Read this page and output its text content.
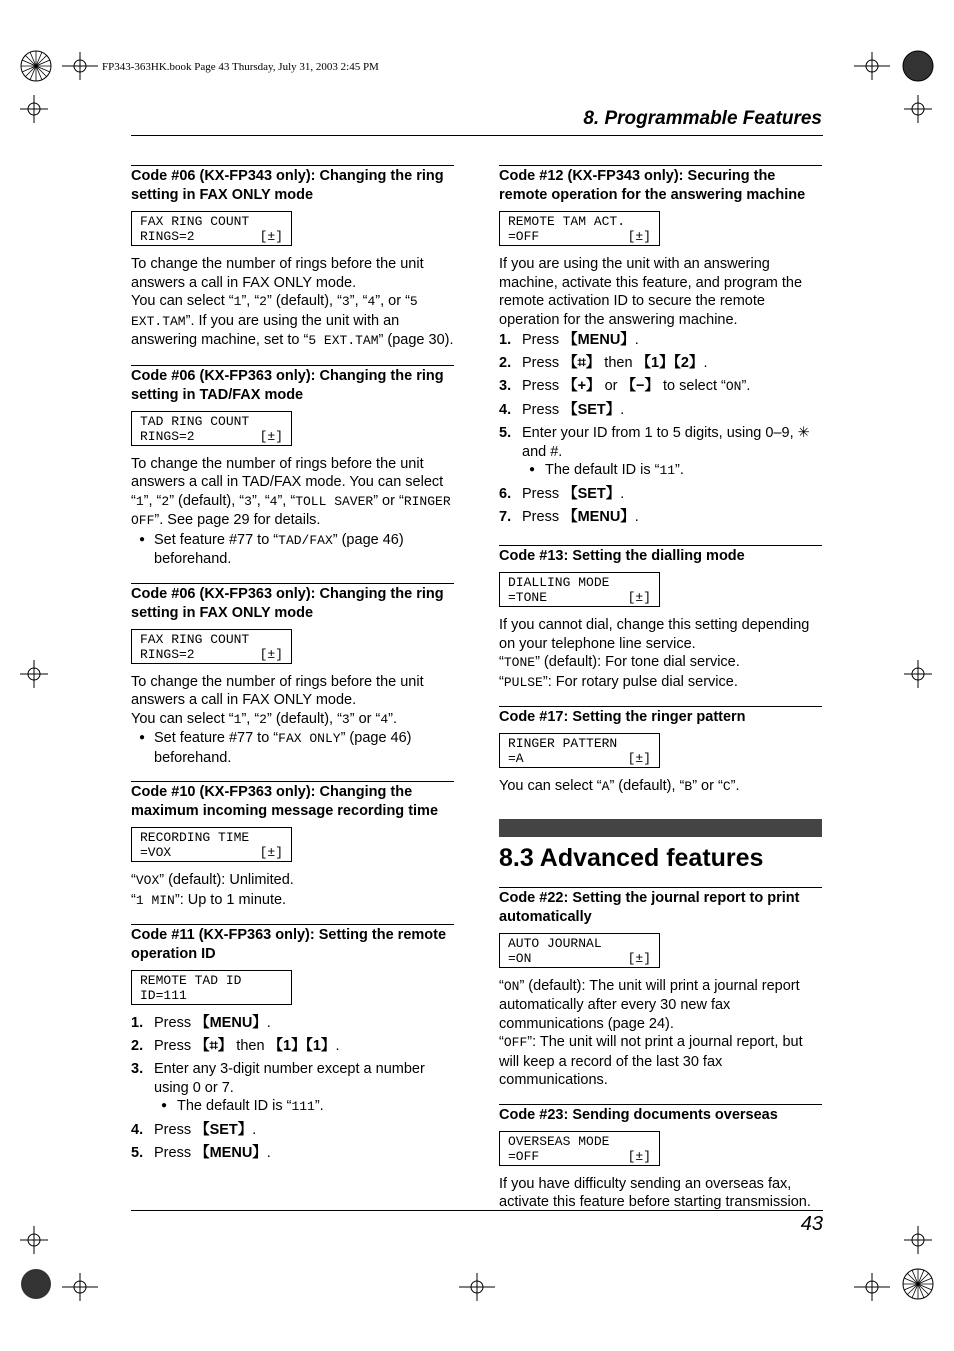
FP343-363HK.book Page 43 Thursday, July 31, 2003 2:45 PM
8. Programmable Features
Code #06 (KX-FP343 only): Changing the ring setting in FAX ONLY mode
FAX RING COUNT
RINGS=2	[±]

To change the number of rings before the unit answers a call in FAX ONLY mode.

You can select “1”, “2” (default), “3”, “4”, or “5 EXT.TAM”. If you are using the unit with an answering machine, set to “5 EXT.TAM” (page 30).

Code #06 (KX-FP363 only): Changing the ring setting in TAD/FAX mode
TAD RING COUNT
RINGS=2	[±]

To change the number of rings before the unit answers a call in TAD/FAX mode. You can select “1”, “2” (default), “3”, “4”, “TOLL SAVER” or “RINGER OFF”. See page 29 for details.

● Set feature #77 to “TAD/FAX” (page 46) beforehand.
Code #06 (KX-FP363 only): Changing the ring setting in FAX ONLY mode
FAX RING COUNT
RINGS=2	[±]

To change the number of rings before the unit answers a call in FAX ONLY mode.

You can select “1”, “2” (default), “3” or “4”.

● Set feature #77 to “FAX ONLY” (page 46) beforehand.
Code #10 (KX-FP363 only): Changing the maximum incoming message recording time
RECORDING TIME
=VOX	[±]

“VOX” (default): Unlimited.

“1 MIN”: Up to 1 minute.

Code #11 (KX-FP363 only): Setting the remote operation ID
REMOTE TAD ID
ID=111
1. Press 【MENU】.
2. Press 【⌗】 then 【1】【1】.
3. Enter any 3-digit number except a number using 0 or 7.
● The default ID is “111”.
4. Press 【SET】.
5. Press 【MENU】.
Code #12 (KX-FP343 only): Securing the remote operation for the answering machine
REMOTE TAM ACT.
=OFF	[±]

If you are using the unit with an answering machine, activate this feature, and program the remote activation ID to secure the remote operation for the answering machine.

1. Press 【MENU】.
2. Press 【⌗】 then 【1】【2】.
3. Press 【+】 or 【−】 to select “ON”.
4. Press 【SET】.
5. Enter your ID from 1 to 5 digits, using 0–9, ✳ and #.
● The default ID is “11”.
6. Press 【SET】.
7. Press 【MENU】.
Code #13: Setting the dialling mode
DIALLING MODE
=TONE	[±]

If you cannot dial, change this setting depending on your telephone line service.

“TONE” (default): For tone dial service.

“PULSE”: For rotary pulse dial service.

Code #17: Setting the ringer pattern
RINGER PATTERN
=A	[±]

You can select “A” (default), “B” or “C”.

8.3 Advanced features
Code #22: Setting the journal report to print automatically
AUTO JOURNAL
=ON	[±]

“ON” (default): The unit will print a journal report automatically after every 30 new fax communications (page 24).

“OFF”: The unit will not print a journal report, but will keep a record of the last 30 fax communications.

Code #23: Sending documents overseas
OVERSEAS MODE
=OFF	[±]

If you have difficulty sending an overseas fax, activate this feature before starting transmission.

43
